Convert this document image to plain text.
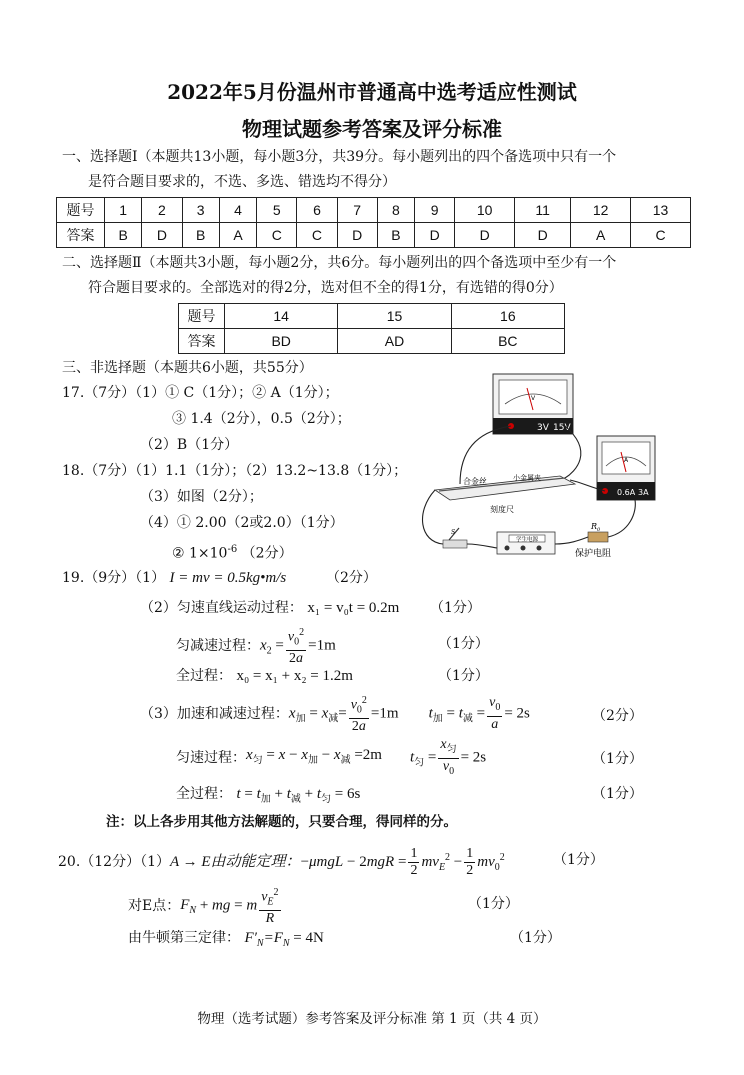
2022年5月份温州市普通高中选考适应性测试
物理试题参考答案及评分标准
一、选择题Ⅰ（本题共13小题，每小题3分，共39分。每小题列出的四个备选项中只有一个
是符合题目要求的，不选、多选、错选均不得分）
题号	1	2	3	4	5	6	7	8	9	10	11	12	13
答案	B	D	B	A	C	C	D	B	D	D	D	A	C
二、选择题Ⅱ（本题共3小题，每小题2分，共6分。每小题列出的四个备选项中至少有一个
符合题目要求的。全部选对的得2分，选对但不全的得1分，有选错的得0分）
题号	14	15	16
答案	BD	AD	BC
三、非选择题（本题共6小题，共55分）
17.（7分）（1）① C（1分）；② A（1分）；
③ 1.4（2分），0.5（2分）；
（2）B（1分）
18.（7分）（1）1.1（1分）；（2）13.2~13.8（1分）；
（3）如图（2分）；
（4）① 2.00（2或2.0）（1分）
② $1\times 10^{-6}$ （2分）
V
3V 15V
A
0.6A 3A
合金丝	小金属夹
刻度尺
学生电源
S
$R_0$
保护电阻
19.（9分）（1） I = mv = 0.5kg•m/s	（2分）
（2）匀速直线运动过程： x₁ = v₀t = 0.2m （1分）
匀减速过程： $x_2 = \frac{v_0^2}{2a} =1m$	（1分）
全过程： x₀ = x₁ + x₂ = 1.2m	（1分）
（3）加速和减速过程： $x_加 = x_减= \frac{v_0^2}{2a} =1m$ $t_加 = t_减 = \frac{v_0}{a} = 2s$	（2分）
匀速过程： $x_匀 = x - x_加 - x_减 =2m$ $t_匀 = \frac{x_匀}{v_0} = 2s$	（1分）
全过程： $t = t_加 + t_减 + t_匀 = 6s$	（1分）
注：以上各步用其他方法解题的，只要合理，得同样的分。
20.（12分）（1） A → E由动能定理： $-\mu mgL - 2mgR = \frac{1}{2} mv_E^2 - \frac{1}{2} mv_0^2$	（1分）
对E点： $F_N$ + mg = m $\frac{v_E^2}{R}$	（1分）
由牛顿第三定律： $F'_N=F_N = 4N$	（1分）
物理（选考试题）参考答案及评分标准 第 1 页（共 4 页）
